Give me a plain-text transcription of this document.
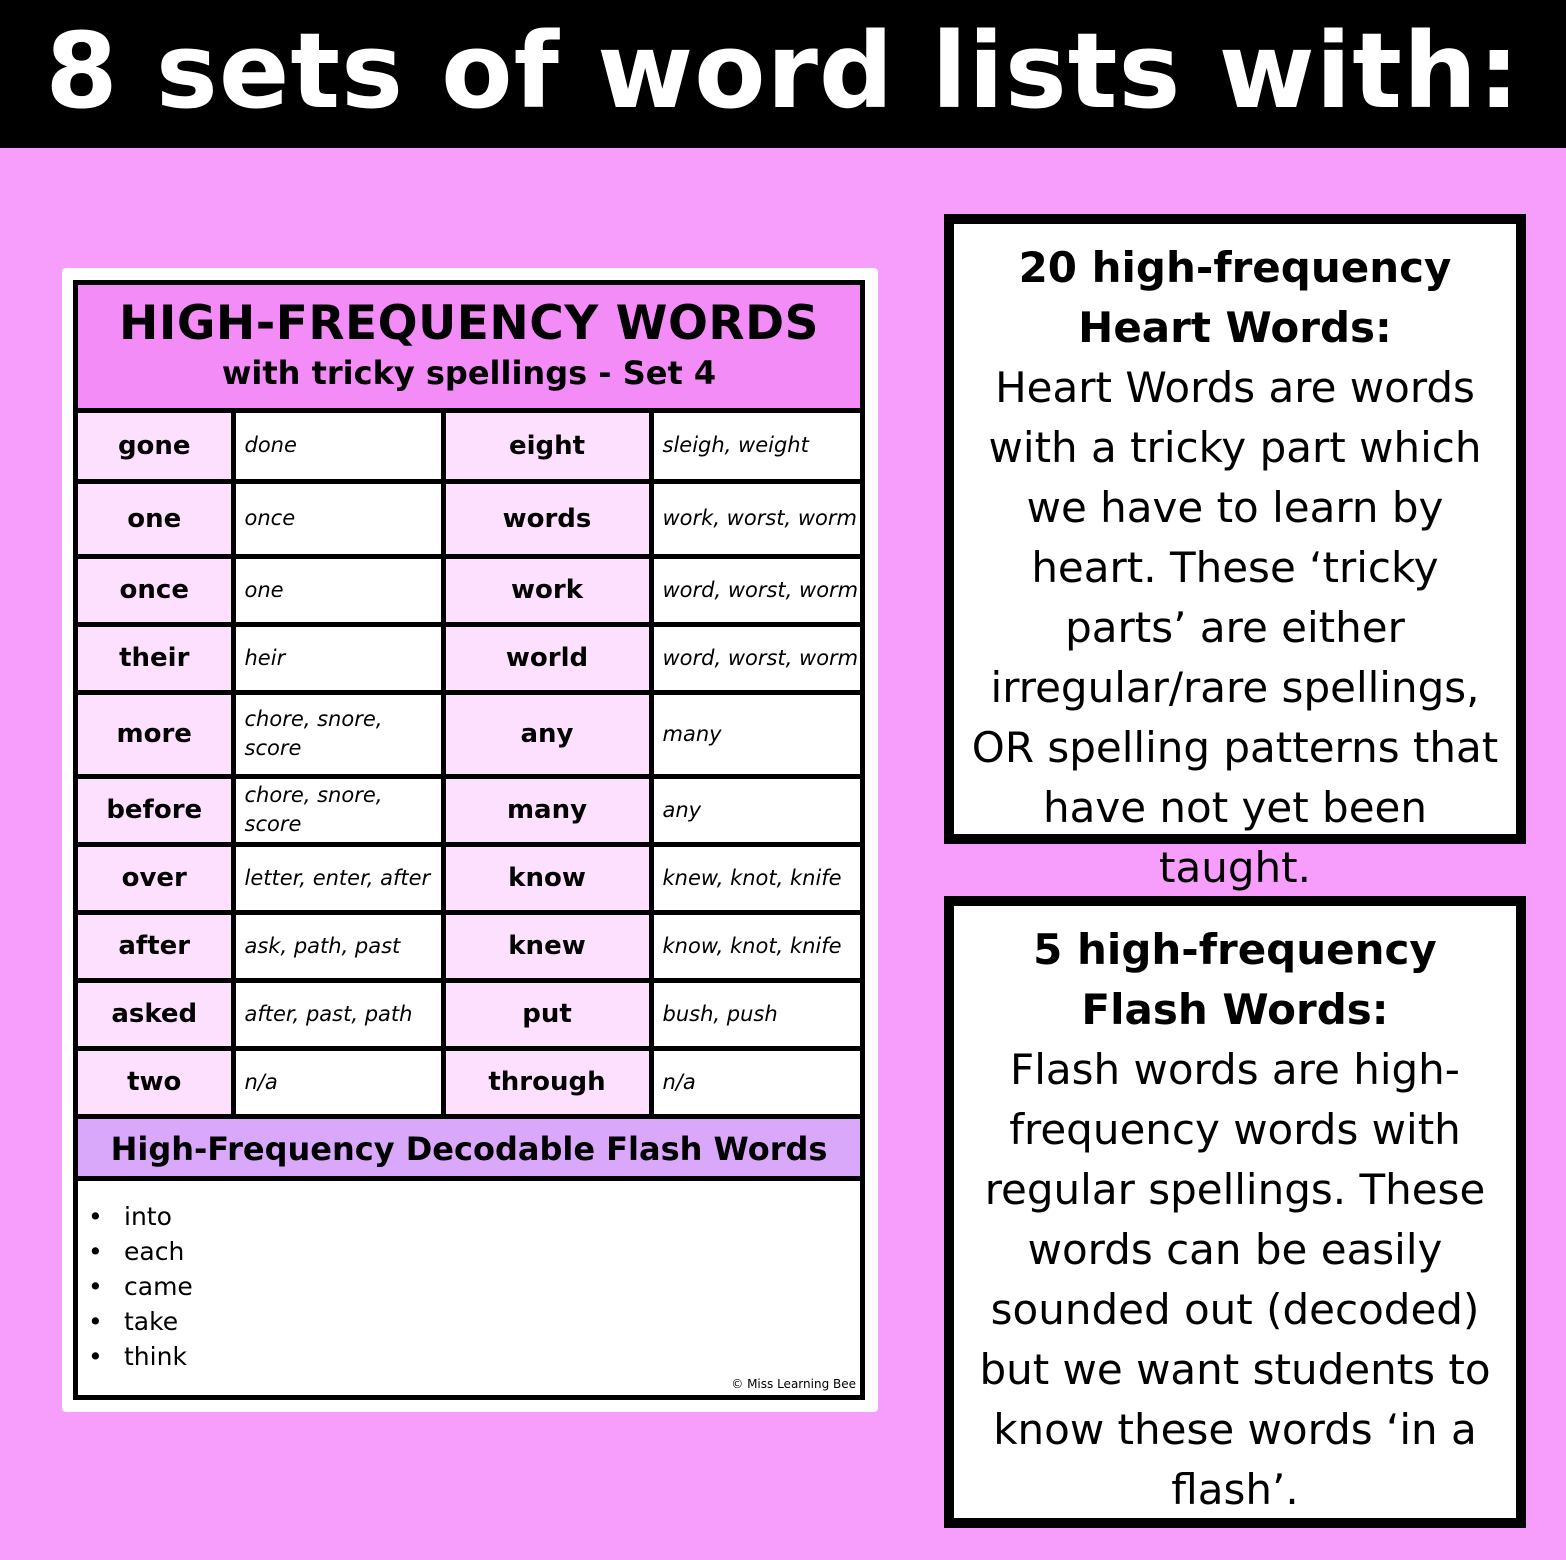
8 sets of word lists with:
HIGH-FREQUENCY WORDS
with tricky spellings - Set 4
gone	done	eight	sleigh, weight
one	once	words	work, worst, worm
once	one	work	word, worst, worm
their	heir	world	word, worst, worm
more	chore, snore, score	any	many
before	chore, snore, score	many	any
over	letter, enter, after	know	knew, knot, knife
after	ask, path, past	knew	know, knot, knife
asked	after, past, path	put	bush, push
two	n/a	through	n/a
High-Frequency Decodable Flash Words
• into
• each
• came
• take
• think
© Miss Learning Bee
20 high-frequency Heart Words:
Heart Words are words with a tricky part which we have to learn by heart. These ‘tricky parts’ are either irregular/rare spellings, OR spelling patterns that have not yet been taught.
5 high-frequency Flash Words:
Flash words are high-frequency words with regular spellings. These words can be easily sounded out (decoded) but we want students to know these words ‘in a flash’.
